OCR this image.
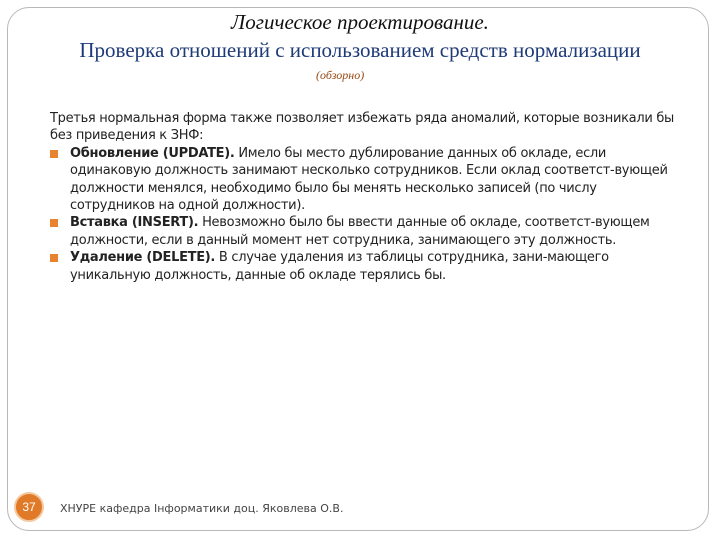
Логическое проектирование.
Проверка отношений с использованием средств нормализации
(обзорно)

Третья нормальная форма также позволяет избежать ряда аномалий, которые возникали бы без приведения к ЗНФ:

Обновление (UPDATE). Имело бы место дублирование данных об окладе, если одинаковую должность занимают несколько сотрудников. Если оклад соответст-вующей должности менялся, необходимо было бы менять несколько записей (по числу сотрудников на одной должности).
Вставка (INSERT). Невозможно было бы ввести данные об окладе, соответст-вующем должности, если в данный момент нет сотрудника, занимающего эту должность.
Удаление (DELETE). В случае удаления из таблицы сотрудника, зани-мающего уникальную должность, данные об окладе терялись бы.
37	ХНУРЕ кафедра Інформатики доц. Яковлева О.В.
